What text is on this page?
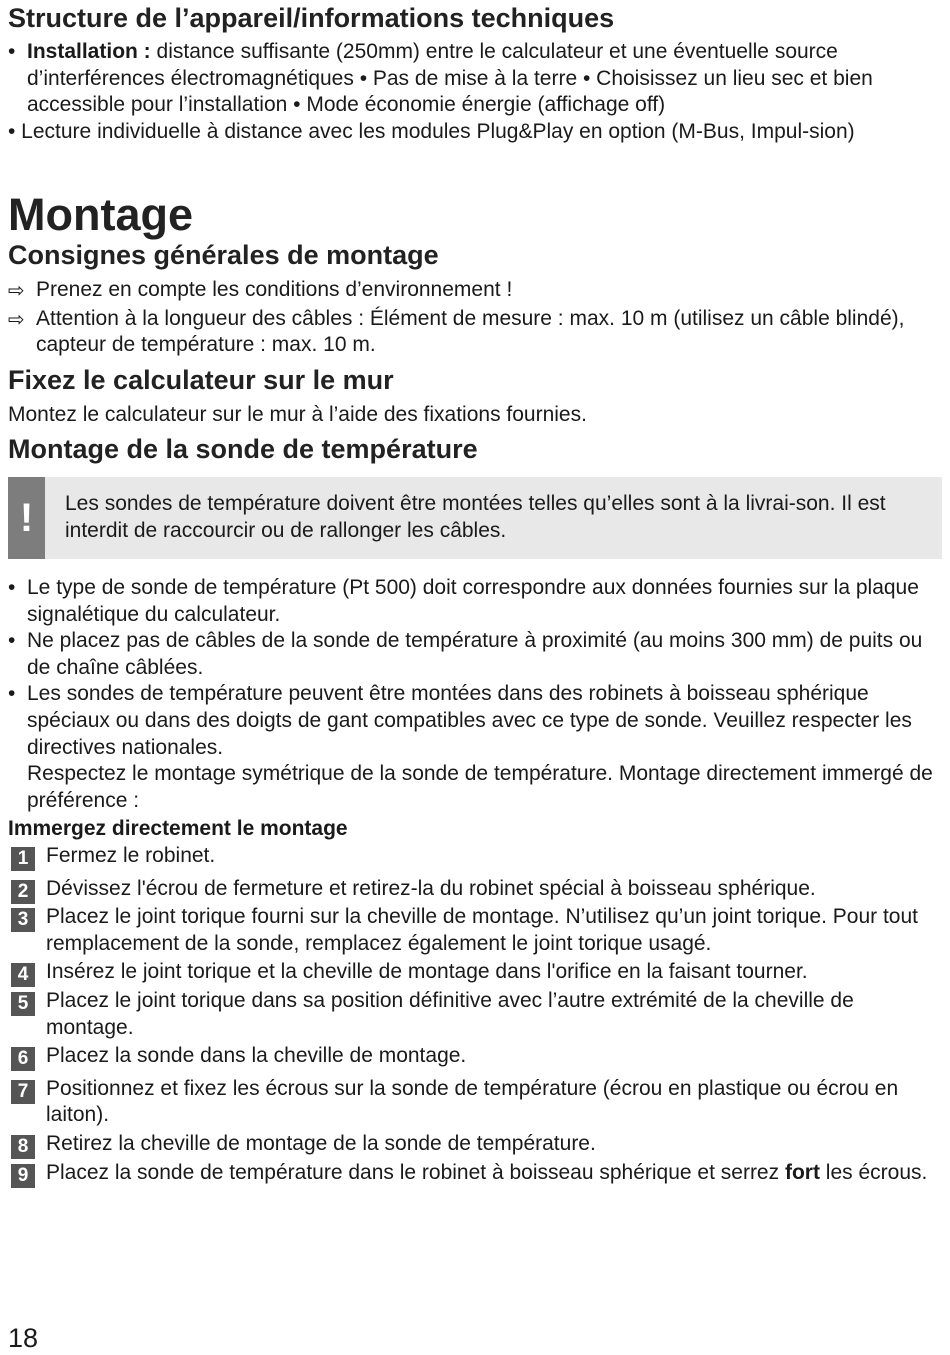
Structure de l’appareil/informations techniques
• Installation : distance suffisante (250mm) entre le calculateur et une éventuelle source d’interférences électromagnétiques • Pas de mise à la terre • Choisissez un lieu sec et bien accessible pour l’installation • Mode économie énergie (affichage off)
• Lecture individuelle à distance avec les modules Plug&Play en option (M-Bus, Impul-sion)
Montage
Consignes générales de montage
⇨ Prenez en compte les conditions d’environnement !
⇨ Attention à la longueur des câbles : Élément de mesure : max. 10 m (utilisez un câble blindé), capteur de température : max. 10 m.
Fixez le calculateur sur le mur
Montez le calculateur sur le mur à l’aide des fixations fournies.
Montage de la sonde de température
!	Les sondes de température doivent être montées telles qu’elles sont à la livrai-son. Il est interdit de raccourcir ou de rallonger les câbles.
• Le type de sonde de température (Pt 500) doit correspondre aux données fournies sur la plaque signalétique du calculateur.
• Ne placez pas de câbles de la sonde de température à proximité (au moins 300 mm) de puits ou de chaîne câblées.
• Les sondes de température peuvent être montées dans des robinets à boisseau sphérique spéciaux ou dans des doigts de gant compatibles avec ce type de sonde. Veuillez respecter les directives nationales.
Respectez le montage symétrique de la sonde de température. Montage directement immergé de préférence :
Immergez directement le montage
1 Fermez le robinet.
2 Dévissez l'écrou de fermeture et retirez-la du robinet spécial à boisseau sphérique.
3 Placez le joint torique fourni sur la cheville de montage. N’utilisez qu’un joint torique. Pour tout remplacement de la sonde, remplacez également le joint torique usagé.
4 Insérez le joint torique et la cheville de montage dans l'orifice en la faisant tourner.
5 Placez le joint torique dans sa position définitive avec l’autre extrémité de la cheville de montage.
6 Placez la sonde dans la cheville de montage.
7 Positionnez et fixez les écrous sur la sonde de température (écrou en plastique ou écrou en laiton).
8 Retirez la cheville de montage de la sonde de température.
9 Placez la sonde de température dans le robinet à boisseau sphérique et serrez fort les écrous.
18
